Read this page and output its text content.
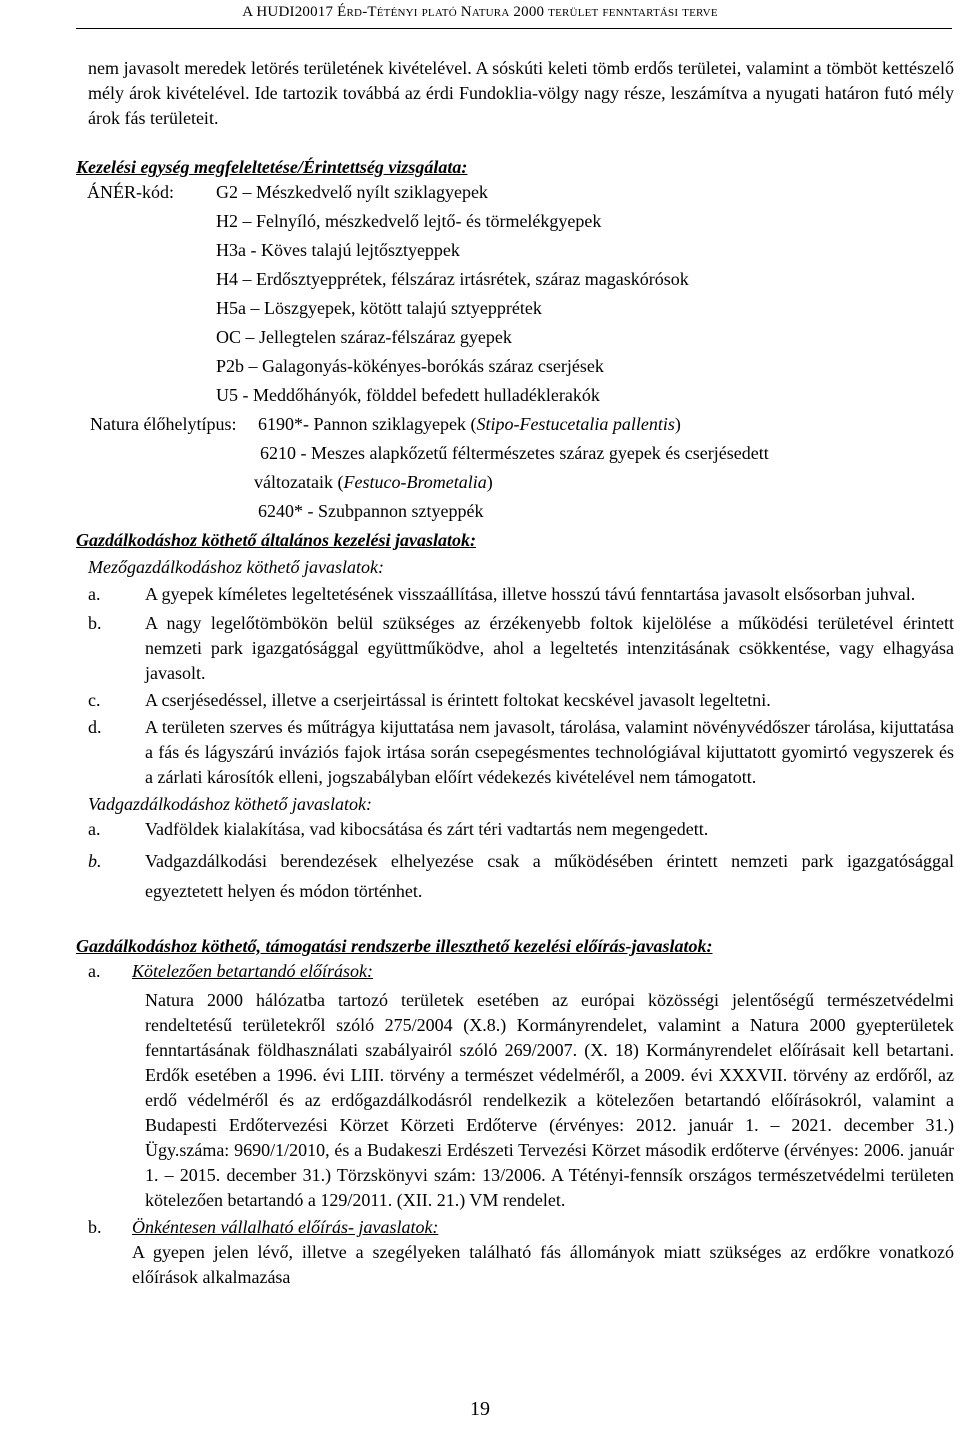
A HUDI20017 Érd-Tétényi plató Natura 2000 terület fenntartási terve

nem javasolt meredek letörés területének kivételével. A sóskúti keleti tömb erdős területei, valamint a tömböt kettészelő mély árok kivételével. Ide tartozik továbbá az érdi Fundoklia-völgy nagy része, leszámítva a nyugati határon futó mély árok fás területeit.

Kezelési egység megfeleltetése/Érintettség vizsgálata:

ÁNÉR-kód:	G2 – Mészkedvelő nyílt sziklagyepek
H2 – Felnyíló, mészkedvelő lejtő- és törmelékgyepek
H3a - Köves talajú lejtősztyeppek
H4 – Erdősztyepprétek, félszáraz irtásrétek, száraz magaskórósok
H5a – Löszgyepek, kötött talajú sztyepprétek
OC – Jellegtelen száraz-félszáraz gyepek
P2b – Galagonyás-kökényes-borókás száraz cserjések
U5 - Meddőhányók, földdel befedett hulladéklerakók
Natura élőhelytípus:	6190*- Pannon sziklagyepek (Stipo-Festucetalia pallentis)
6210 - Meszes alapkőzetű féltermészetes száraz gyepek és cserjésedett
változataik (Festuco-Brometalia)
6240* - Szubpannon sztyeppék

Gazdálkodáshoz köthető általános kezelési javaslatok:

Mezőgazdálkodáshoz köthető javaslatok:

a.	A gyepek kíméletes legeltetésének visszaállítása, illetve hosszú távú fenntartása javasolt elsősorban juhval.
b.	A nagy legelőtömbökön belül szükséges az érzékenyebb foltok kijelölése a működési területével érintett nemzeti park igazgatósággal együttműködve, ahol a legeltetés intenzitásának csökkentése, vagy elhagyása javasolt.
c.	A cserjésedéssel, illetve a cserjeirtással is érintett foltokat kecskével javasolt legeltetni.
d.	A területen szerves és műtrágya kijuttatása nem javasolt, tárolása, valamint növényvédőszer tárolása, kijuttatása a fás és lágyszárú inváziós fajok irtása során csepegésmentes technológiával kijuttatott gyomirtó vegyszerek és a zárlati károsítók elleni, jogszabályban előírt védekezés kivételével nem támogatott.

Vadgazdálkodáshoz köthető javaslatok:

a.	Vadföldek kialakítása, vad kibocsátása és zárt téri vadtartás nem megengedett.
b.	Vadgazdálkodási berendezések elhelyezése csak a működésében érintett nemzeti park igazgatósággal egyeztetett helyen és módon történhet.

Gazdálkodáshoz köthető, támogatási rendszerbe illeszthető kezelési előírás-javaslatok:

a.	Kötelezően betartandó előírások:

Natura 2000 hálózatba tartozó területek esetében az európai közösségi jelentőségű természetvédelmi rendeltetésű területekről szóló 275/2004 (X.8.) Kormányrendelet, valamint a Natura 2000 gyepterületek fenntartásának földhasználati szabályairól szóló 269/2007. (X. 18) Kormányrendelet előírásait kell betartani. Erdők esetében a 1996. évi LIII. törvény a természet védelméről, a 2009. évi XXXVII. törvény az erdőről, az erdő védelméről és az erdőgazdálkodásról rendelkezik a kötelezően betartandó előírásokról, valamint a Budapesti Erdőtervezési Körzet Körzeti Erdőterve (érvényes: 2012. január 1. – 2021. december 31.) Ügy.száma: 9690/1/2010, és a Budakeszi Erdészeti Tervezési Körzet második erdőterve (érvényes: 2006. január 1. – 2015. december 31.) Törzskönyvi szám: 13/2006. A Tétényi-fennsík országos természetvédelmi területen kötelezően betartandó a 129/2011. (XII. 21.) VM rendelet.

b.	Önkéntesen vállalható előírás- javaslatok:

A gyepen jelen lévő, illetve a szegélyeken található fás állományok miatt szükséges az erdőkre vonatkozó előírások alkalmazása

19
